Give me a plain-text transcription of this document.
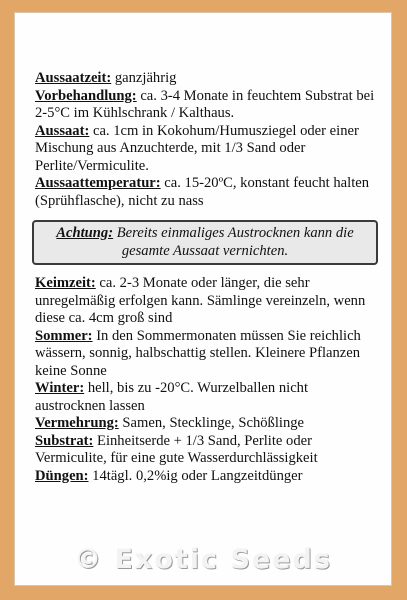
Aussaatzeit: ganzjährig

Vorbehandlung: ca. 3-4 Monate in feuchtem Substrat bei 2-5°C im Kühlschrank / Kalthaus.

Aussaat: ca. 1cm in Kokohum/Humusziegel oder einer Mischung aus Anzuchterde, mit 1/3 Sand oder Perlite/Vermiculite.

Aussaattemperatur: ca. 15-20ºC, konstant feucht halten (Sprühflasche), nicht zu nass

Achtung: Bereits einmaliges Austrocknen kann die gesamte Aussaat vernichten.

Keimzeit: ca. 2-3 Monate oder länger, die sehr unregelmäßig erfolgen kann. Sämlinge vereinzeln, wenn diese ca. 4cm groß sind

Sommer: In den Sommermonaten müssen Sie reichlich wässern, sonnig, halbschattig stellen. Kleinere Pflanzen keine Sonne

Winter: hell, bis zu -20°C. Wurzelballen nicht austrocknen lassen

Vermehrung: Samen, Stecklinge, Schößlinge

Substrat: Einheitserde + 1/3 Sand, Perlite oder Vermiculite, für eine gute Wasserdurchlässigkeit

Düngen: 14tägl. 0,2%ig oder Langzeitdünger

© Exotic Seeds
